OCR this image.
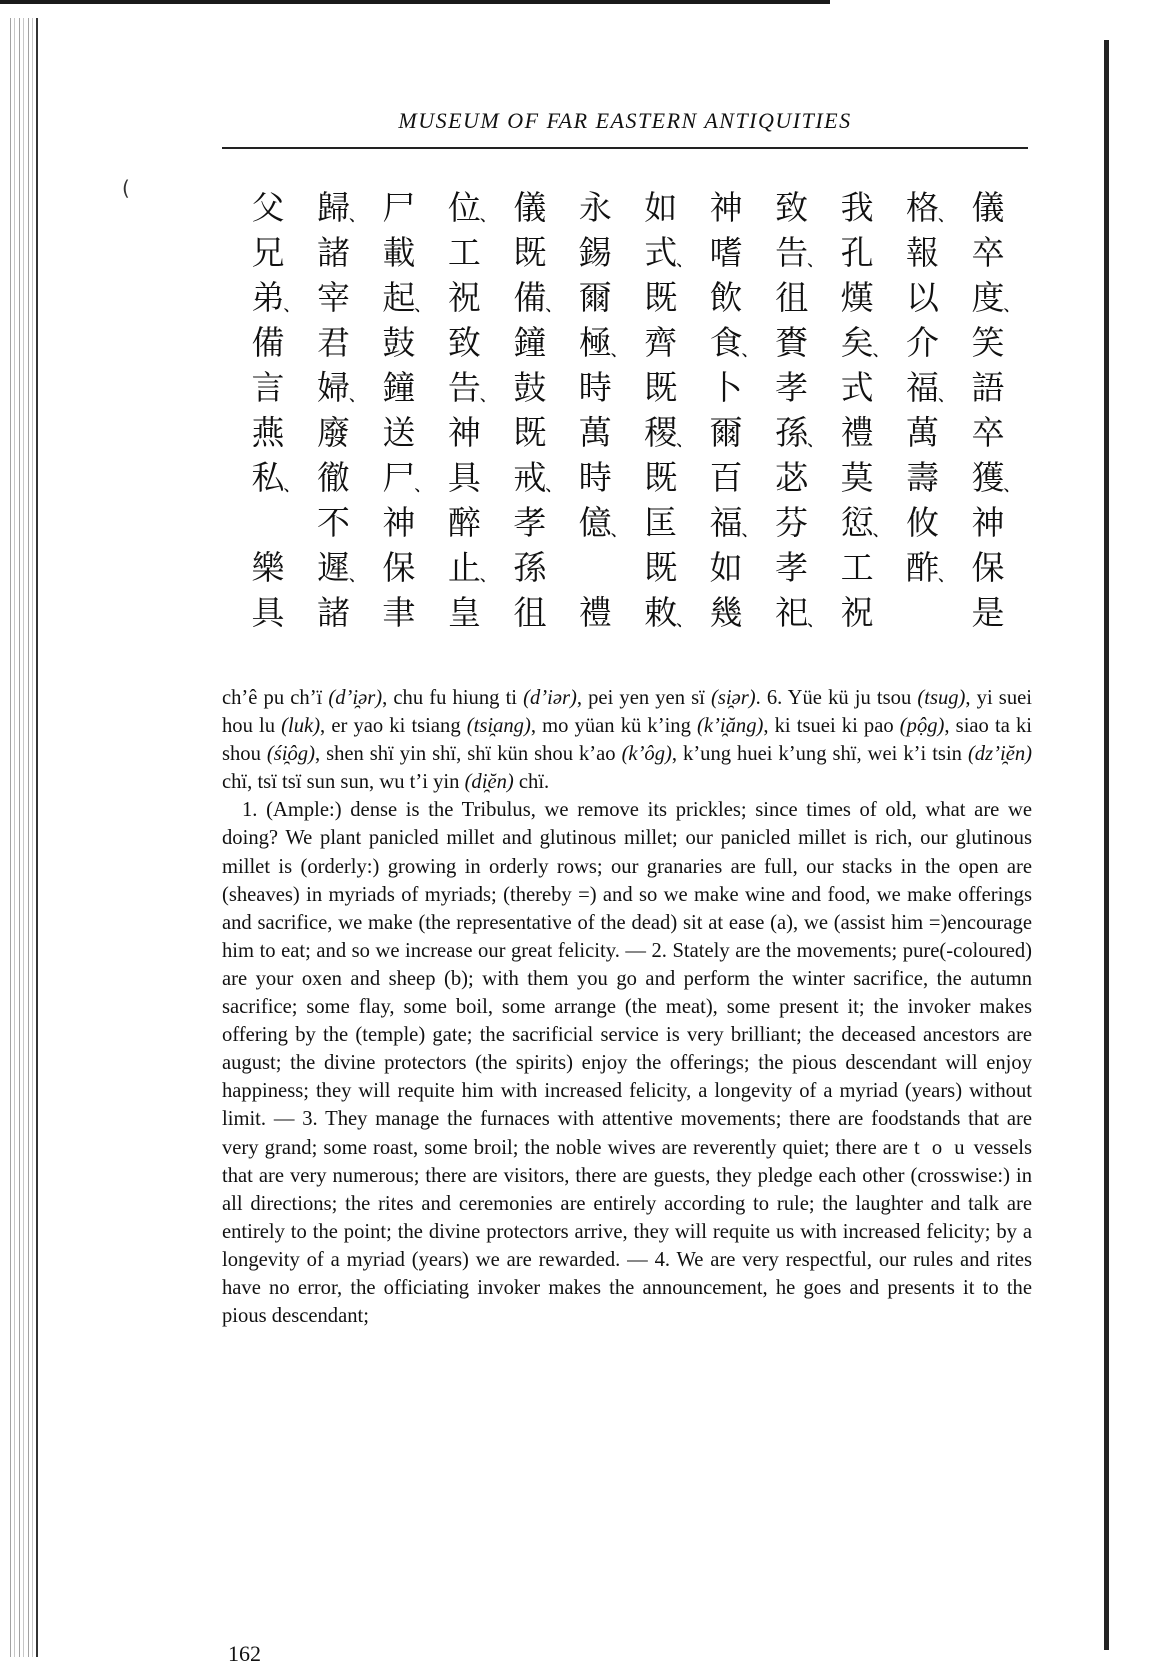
(
MUSEUM OF FAR EASTERN ANTIQUITIES
儀
卒
度 、
笑
語
卒
獲 、
神
保
是
格 、
報
以
介
福 、
萬
壽
攸
酢 、
我
孔
熯
矣 、
式
禮
莫
愆 、
工
祝
致
告 、
徂
賚
孝
孫 、
苾
芬
孝
祀 、
神
嗜
飲
食 、
卜
爾
百
福 、
如
幾
如
式 、
既
齊
既
稷 、
既
匡
既
敕 、
永
錫
爾
極 、
時
萬
時
億 、
禮
儀
既
備 、
鐘
鼓
既
戒 、
孝
孫
徂
位 、
工
祝
致
告 、
神
具
醉
止 、
皇
尸
載
起 、
鼓
鐘
送
尸 、
神
保
聿
歸 、
諸
宰
君
婦 、
廢
徹
不
遲 、
諸
父
兄
弟 、
備
言
燕
私 、
樂
具

ch’ê pu ch’ï (d’i̯ər), chu fu hiung ti (d’iər), pei yen yen sï (si̯ər). 6. Yüe kü ju tsou (tsug), yi suei hou lu (luk), er yao ki tsiang (tsi̯ang), mo yüan kü k’ing (k’i̯ăng), ki tsuei ki pao (pộg), siao ta ki shou (śi̯ôg), shen shï yin shï, shï kün shou k’ao (k’ôg), k’ung huei k’ung shï, wei k’i tsin (dz’i̯ĕn) chï, tsï tsï sun sun, wu t’i yin (di̯ĕn) chï.

1. (Ample:) dense is the Tribulus, we remove its prickles; since times of old, what are we doing? We plant panicled millet and glutinous millet; our panicled millet is rich, our glutinous millet is (orderly:) growing in orderly rows; our granaries are full, our stacks in the open are (sheaves) in myriads of myriads; (thereby =) and so we make wine and food, we make offerings and sacrifice, we make (the representative of the dead) sit at ease (a), we (assist him =)encourage him to eat; and so we increase our great felicity. — 2. Stately are the movements; pure(-coloured) are your oxen and sheep (b); with them you go and perform the winter sacrifice, the autumn sacrifice; some flay, some boil, some arrange (the meat), some present it; the invoker makes offering by the (temple) gate; the sacrificial service is very brilliant; the deceased ancestors are august; the divine protectors (the spirits) enjoy the offerings; the pious descendant will enjoy happiness; they will requite him with increased felicity, a longevity of a myriad (years) without limit. — 3. They manage the furnaces with attentive movements; there are foodstands that are very grand; some roast, some broil; the noble wives are reverently quiet; there are t o u vessels that are very numerous; there are visitors, there are guests, they pledge each other (crosswise:) in all directions; the rites and ceremonies are entirely according to rule; the laughter and talk are entirely to the point; the divine protectors arrive, they will requite us with increased felicity; by a longevity of a myriad (years) we are rewarded. — 4. We are very respectful, our rules and rites have no error, the officiating invoker makes the announcement, he goes and presents it to the pious descendant;

162
